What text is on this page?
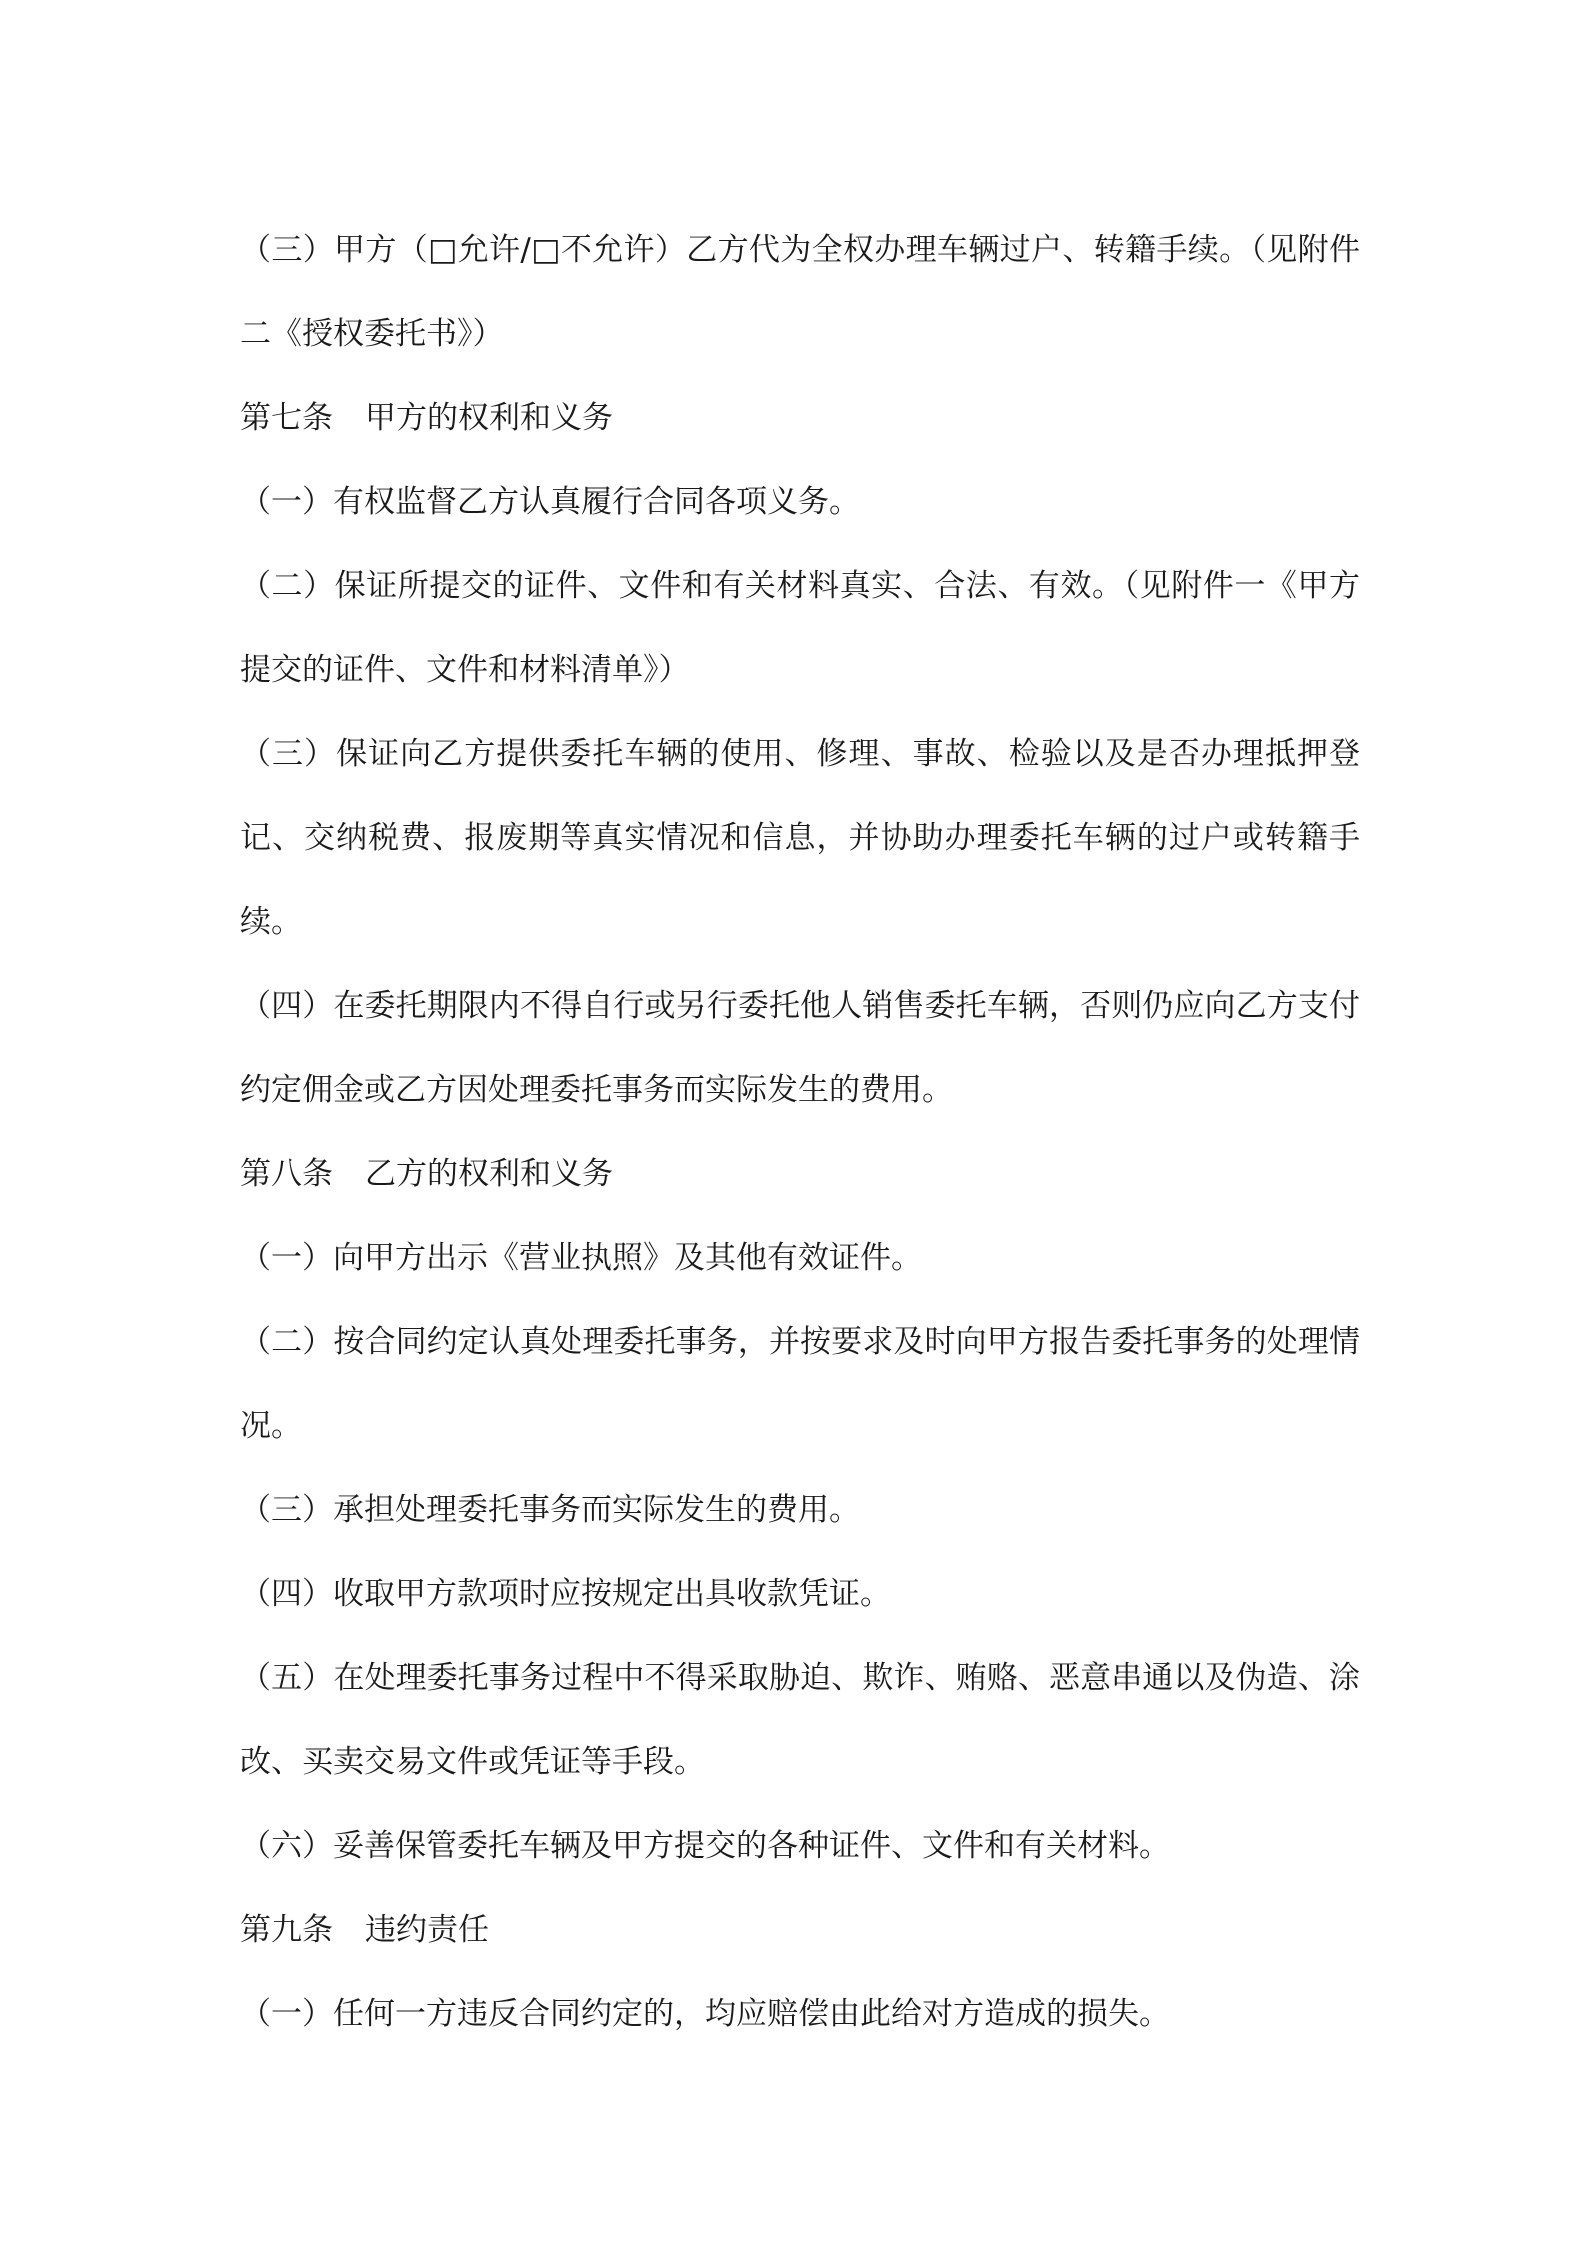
（三）甲方（□允许/□不允许）乙方代为全权办理车辆过户、转籍手续。（见附件二《授权委托书》）

第七条 甲方的权利和义务

（一）有权监督乙方认真履行合同各项义务。

（二）保证所提交的证件、文件和有关材料真实、合法、有效。（见附件一《甲方提交的证件、文件和材料清单》）

（三）保证向乙方提供委托车辆的使用、修理、事故、检验以及是否办理抵押登记、交纳税费、报废期等真实情况和信息，并协助办理委托车辆的过户或转籍手续。

（四）在委托期限内不得自行或另行委托他人销售委托车辆，否则仍应向乙方支付约定佣金或乙方因处理委托事务而实际发生的费用。

第八条 乙方的权利和义务

（一）向甲方出示《营业执照》及其他有效证件。

（二）按合同约定认真处理委托事务，并按要求及时向甲方报告委托事务的处理情况。

（三）承担处理委托事务而实际发生的费用。

（四）收取甲方款项时应按规定出具收款凭证。

（五）在处理委托事务过程中不得采取胁迫、欺诈、贿赂、恶意串通以及伪造、涂改、买卖交易文件或凭证等手段。

（六）妥善保管委托车辆及甲方提交的各种证件、文件和有关材料。

第九条 违约责任

（一）任何一方违反合同约定的，均应赔偿由此给对方造成的损失。
